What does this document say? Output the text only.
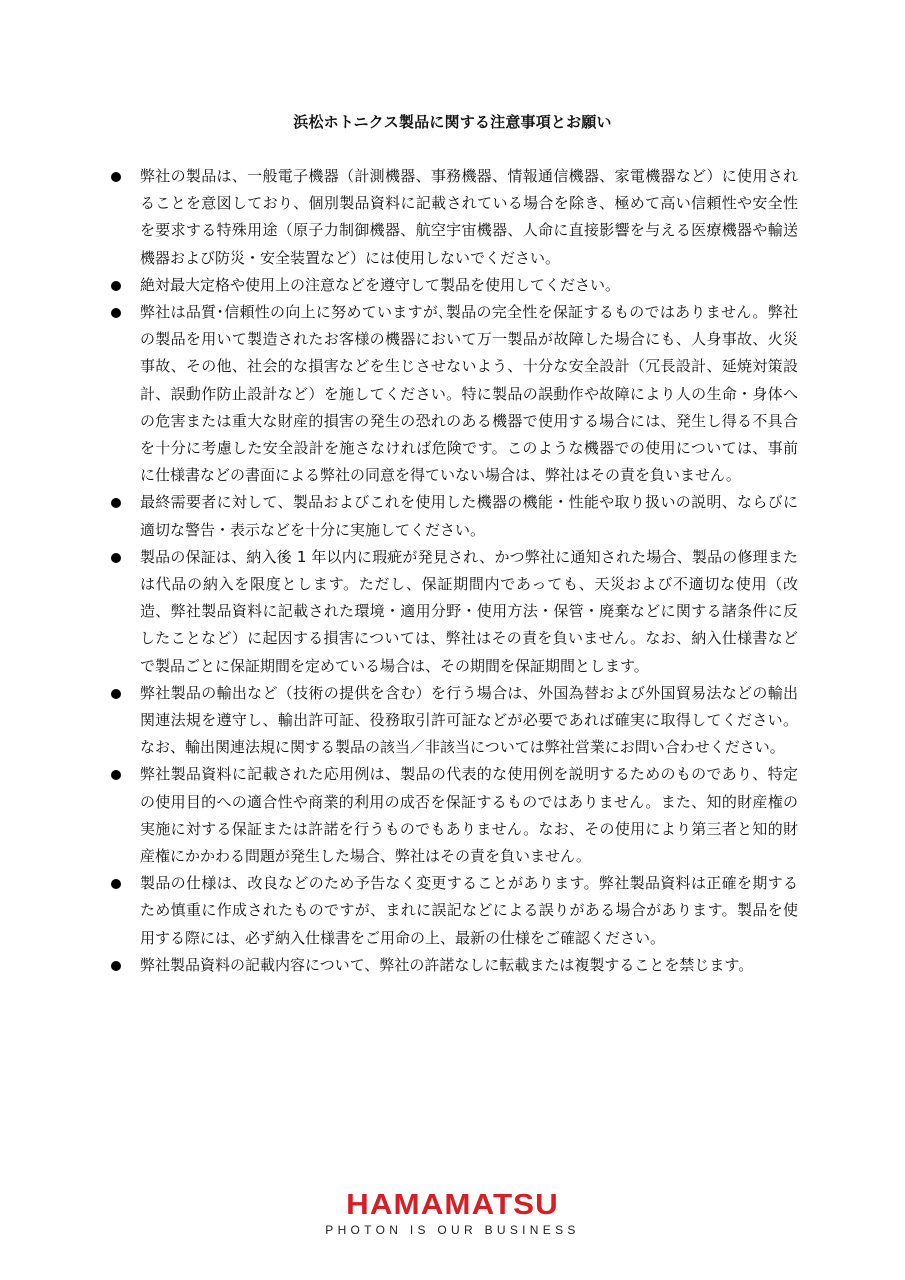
浜松ホトニクス製品に関する注意事項とお願い
弊社の製品は、一般電子機器（計測機器、事務機器、情報通信機器、家電機器など）に使用されることを意図しており、個別製品資料に記載されている場合を除き、極めて高い信頼性や安全性を要求する特殊用途（原子力制御機器、航空宇宙機器、人命に直接影響を与える医療機器や輸送機器および防災・安全装置など）には使用しないでください。
絶対最大定格や使用上の注意などを遵守して製品を使用してください。
弊社は品質･信頼性の向上に努めていますが､製品の完全性を保証するものではありません。弊社の製品を用いて製造されたお客様の機器において万一製品が故障した場合にも、人身事故、火災事故、その他、社会的な損害などを生じさせないよう、十分な安全設計（冗長設計、延焼対策設計、誤動作防止設計など）を施してください。特に製品の誤動作や故障により人の生命・身体への危害または重大な財産的損害の発生の恐れのある機器で使用する場合には、発生し得る不具合を十分に考慮した安全設計を施さなければ危険です。このような機器での使用については、事前に仕様書などの書面による弊社の同意を得ていない場合は、弊社はその責を負いません。
最終需要者に対して、製品およびこれを使用した機器の機能・性能や取り扱いの説明、ならびに適切な警告・表示などを十分に実施してください。
製品の保証は、納入後 1 年以内に瑕疵が発見され、かつ弊社に通知された場合、製品の修理または代品の納入を限度とします。ただし、保証期間内であっても、天災および不適切な使用（改造、弊社製品資料に記載された環境・適用分野・使用方法・保管・廃棄などに関する諸条件に反したことなど）に起因する損害については、弊社はその責を負いません。なお、納入仕様書などで製品ごとに保証期間を定めている場合は、その期間を保証期間とします。
弊社製品の輸出など（技術の提供を含む）を行う場合は、外国為替および外国貿易法などの輸出関連法規を遵守し、輸出許可証、役務取引許可証などが必要であれば確実に取得してください。なお、輸出関連法規に関する製品の該当／非該当については弊社営業にお問い合わせください。
弊社製品資料に記載された応用例は、製品の代表的な使用例を説明するためのものであり、特定の使用目的への適合性や商業的利用の成否を保証するものではありません。また、知的財産権の実施に対する保証または許諾を行うものでもありません。なお、その使用により第三者と知的財産権にかかわる問題が発生した場合、弊社はその責を負いません。
製品の仕様は、改良などのため予告なく変更することがあります。弊社製品資料は正確を期するため慎重に作成されたものですが、まれに誤記などによる誤りがある場合があります。製品を使用する際には、必ず納入仕様書をご用命の上、最新の仕様をご確認ください。
弊社製品資料の記載内容について、弊社の許諾なしに転載または複製することを禁じます。
HAMAMATSU
PHOTON IS OUR BUSINESS
